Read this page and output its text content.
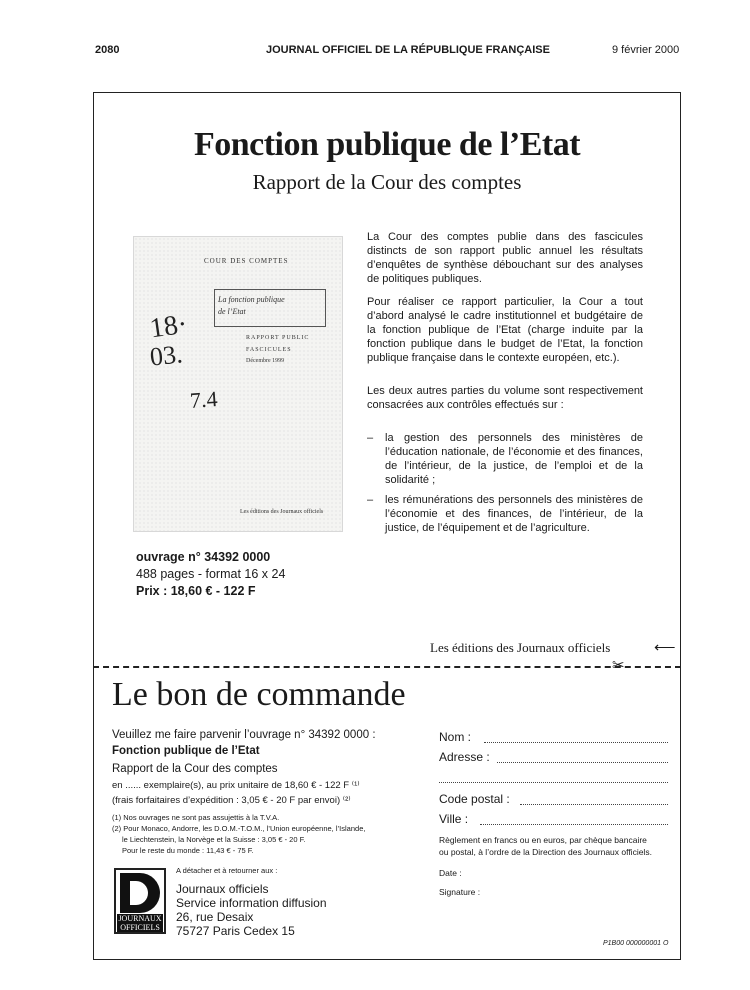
2080	JOURNAL OFFICIEL DE LA RÉPUBLIQUE FRANÇAISE	9 février 2000
Fonction publique de l’Etat
Rapport de la Cour des comptes
COUR DES COMPTES
La fonction publique
de l’Etat
RAPPORT PUBLIC
FASCICULES
Décembre 1999
18·
03.
7.4
Les éditions des Journaux officiels
La Cour des comptes publie dans des fascicules distincts de son rapport public annuel les résultats d’enquêtes de synthèse débouchant sur des analyses de politiques publiques.
Pour réaliser ce rapport particulier, la Cour a tout d’abord analysé le cadre institutionnel et budgétaire de la fonction publique de l’Etat (charge induite par la fonction publique dans le budget de l’Etat, la fonction publique française dans le contexte européen, etc.).
Les deux autres parties du volume sont respectivement consacrées aux contrôles effectués sur :
– la gestion des personnels des ministères de l’éducation nationale, de l’économie et des finances, de l’intérieur, de la justice, de l’emploi et de la solidarité ;
– les rémunérations des personnels des ministères de l’économie et des finances, de l’intérieur, de la justice, de l’équipement et de l’agriculture.
ouvrage n° 34392 0000
488 pages - format 16 x 24
Prix : 18,60 € - 122 F
Les éditions des Journaux officiels	⟵
✂
Le bon de commande
Veuillez me faire parvenir l’ouvrage n° 34392 0000 :
Fonction publique de l’Etat
Rapport de la Cour des comptes
en ...... exemplaire(s), au prix unitaire de 18,60 € - 122 F ⁽¹⁾
(frais forfaitaires d’expédition : 3,05 € - 20 F par envoi) ⁽²⁾
(1) Nos ouvrages ne sont pas assujettis à la T.V.A.
(2) Pour Monaco, Andorre, les D.O.M.-T.O.M., l’Union européenne, l’Islande,
le Liechtenstein, la Norvège et la Suisse : 3,05 € - 20 F.
Pour le reste du monde : 11,43 € - 75 F.
A détacher et à retourner aux :
JOURNAUX
OFFICIELS
Journaux officiels
Service information diffusion
26, rue Desaix
75727 Paris Cedex 15
Nom :
Adresse :
Code postal :
Ville :
Règlement en francs ou en euros, par chèque bancaire
ou postal, à l’ordre de la Direction des Journaux officiels.
Date :
Signature :
P1B00 000000001 O
